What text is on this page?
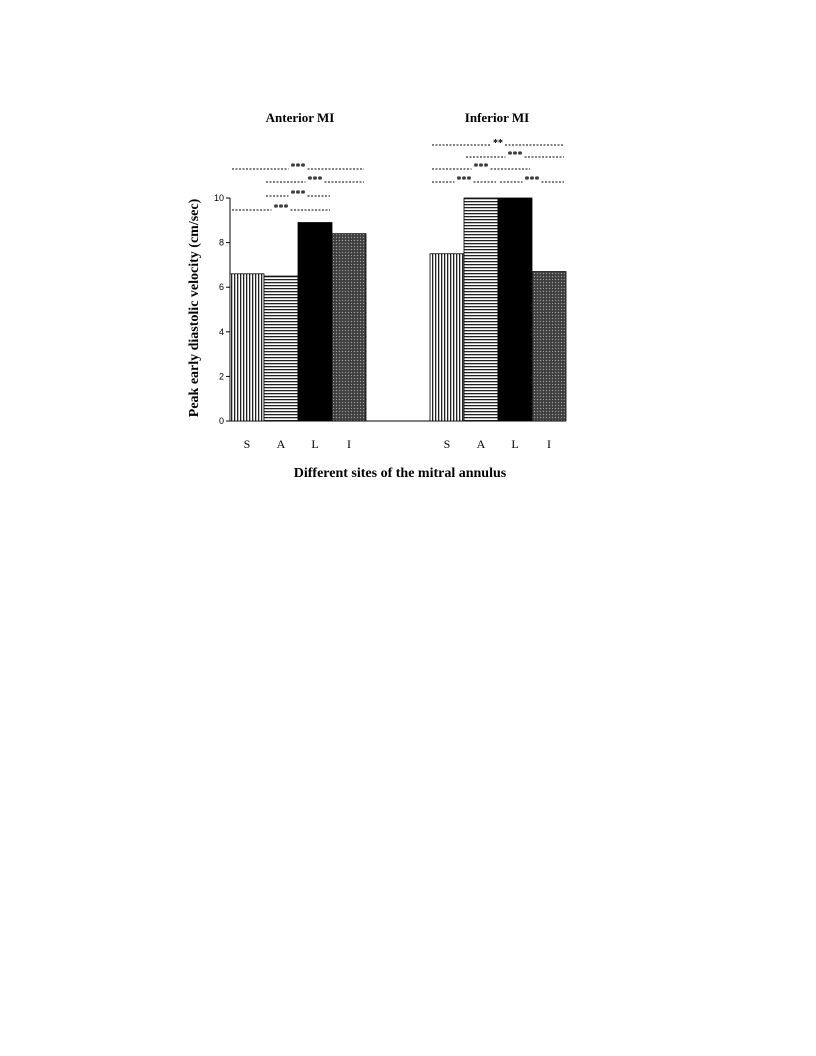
0
2
4
6
8
10
Peak early diastolic velocity (cm/sec)
Different sites of the mitral annulus
Anterior MI	Inferior MI
S A L I	S A L I
***
***
***
***
**
***
***
***	***
